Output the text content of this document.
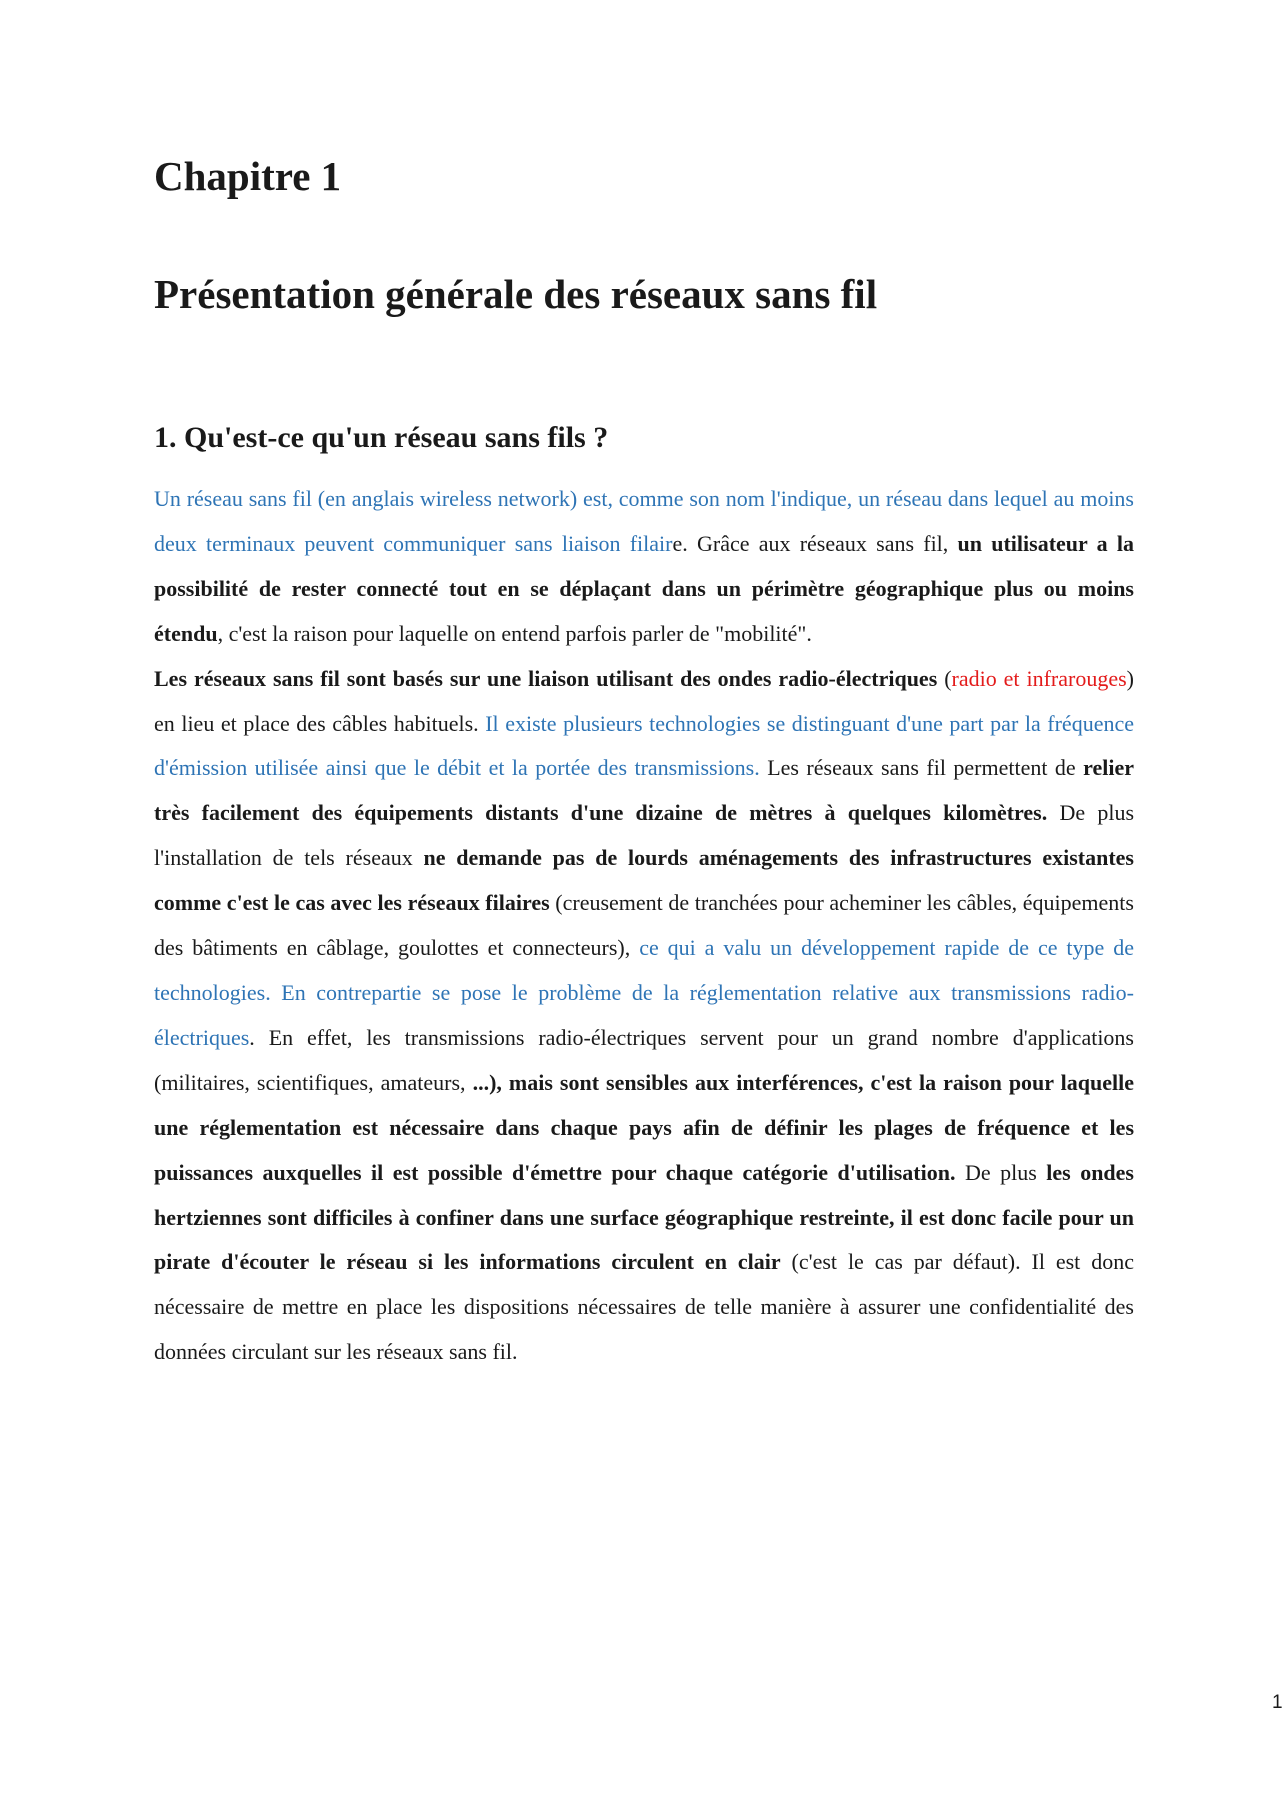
Chapitre 1
Présentation générale des réseaux sans fil
1. Qu'est-ce qu'un réseau sans fils ?

Un réseau sans fil (en anglais wireless network) est, comme son nom l'indique, un réseau dans lequel au moins deux terminaux peuvent communiquer sans liaison filaire. Grâce aux réseaux sans fil, un utilisateur a la possibilité de rester connecté tout en se déplaçant dans un périmètre géographique plus ou moins étendu, c'est la raison pour laquelle on entend parfois parler de "mobilité".

Les réseaux sans fil sont basés sur une liaison utilisant des ondes radio-électriques (radio et infrarouges) en lieu et place des câbles habituels. Il existe plusieurs technologies se distinguant d'une part par la fréquence d'émission utilisée ainsi que le débit et la portée des transmissions. Les réseaux sans fil permettent de relier très facilement des équipements distants d'une dizaine de mètres à quelques kilomètres. De plus l'installation de tels réseaux ne demande pas de lourds aménagements des infrastructures existantes comme c'est le cas avec les réseaux filaires (creusement de tranchées pour acheminer les câbles, équipements des bâtiments en câblage, goulottes et connecteurs), ce qui a valu un développement rapide de ce type de technologies. En contrepartie se pose le problème de la réglementation relative aux transmissions radio- électriques. En effet, les transmissions radio-électriques servent pour un grand nombre d'applications (militaires, scientifiques, amateurs, ...), mais sont sensibles aux interférences, c'est la raison pour laquelle une réglementation est nécessaire dans chaque pays afin de définir les plages de fréquence et les puissances auxquelles il est possible d'émettre pour chaque catégorie d'utilisation. De plus les ondes hertziennes sont difficiles à confiner dans une surface géographique restreinte, il est donc facile pour un pirate d'écouter le réseau si les informations circulent en clair (c'est le cas par défaut). Il est donc nécessaire de mettre en place les dispositions nécessaires de telle manière à assurer une confidentialité des données circulant sur les réseaux sans fil.

1
